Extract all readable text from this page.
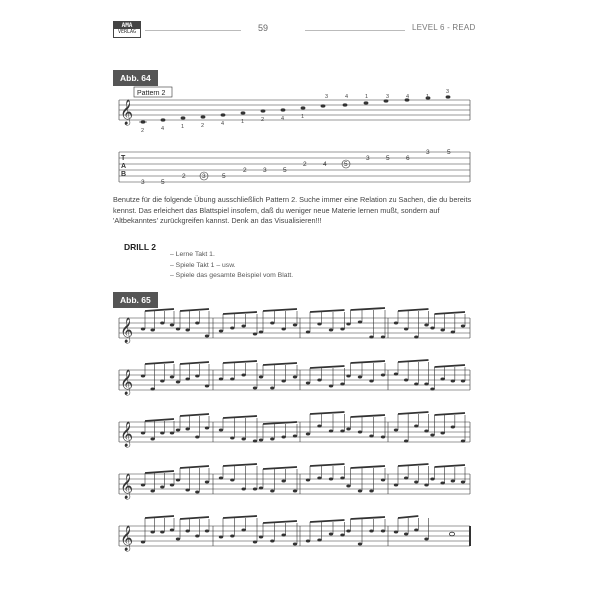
AMA
VERLAG	59	LEVEL 6 - READ
Abb. 64
Benutze für die folgende Übung ausschließlich Pattern 2. Suche immer eine Relation zu Sachen, die du bereits kennst. Das erleichert das Blattspiel insofern, daß du weniger neue Materie lernen mußt, sondern auf 'Altbekanntes' zurückgreifen kannst. Denk an das Visualisieren!!!
DRILL 2
– Lerne Takt 1.
– Spiele Takt 1 – usw.
– Spiele das gesamte Beispiel vom Blatt.
Abb. 65
𝄞
Pattern 2
2	4	1	2	4	1	2	4	1
3	4	1	3	4	1
3
T
A
B
3	5
2	3	5
2	3	5
2	4	5
3	5	6
3	5
𝄞
𝄞
𝄞
𝄞
𝄞
